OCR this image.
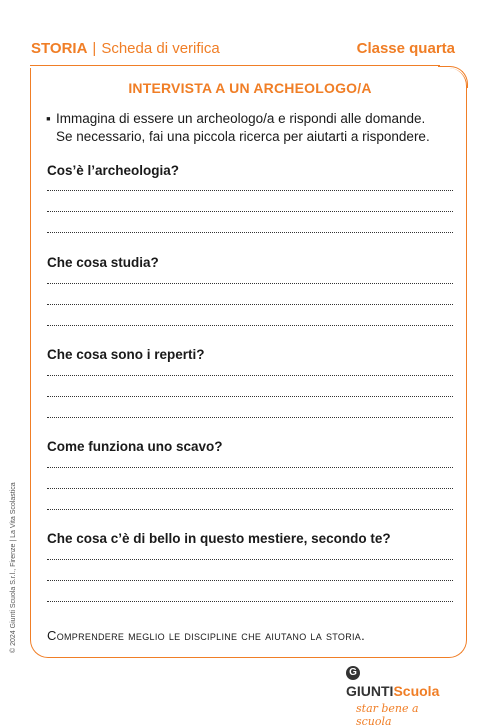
STORIA | Scheda di verifica	Classe quarta
INTERVISTA A UN ARCHEOLOGO/A
▪ Immagina di essere un archeologo/a e rispondi alle domande.
Se necessario, fai una piccola ricerca per aiutarti a rispondere.
Cos’è l’archeologia?
Che cosa studia?
Che cosa sono i reperti?
Come funziona uno scavo?
Che cosa c’è di bello in questo mestiere, secondo te?
Comprendere meglio le discipline che aiutano la storia.
© 2024 Giunti Scuola S.r.l., Firenze | La Vita Scolastica
G GIUNTIScuola
star bene a scuola
